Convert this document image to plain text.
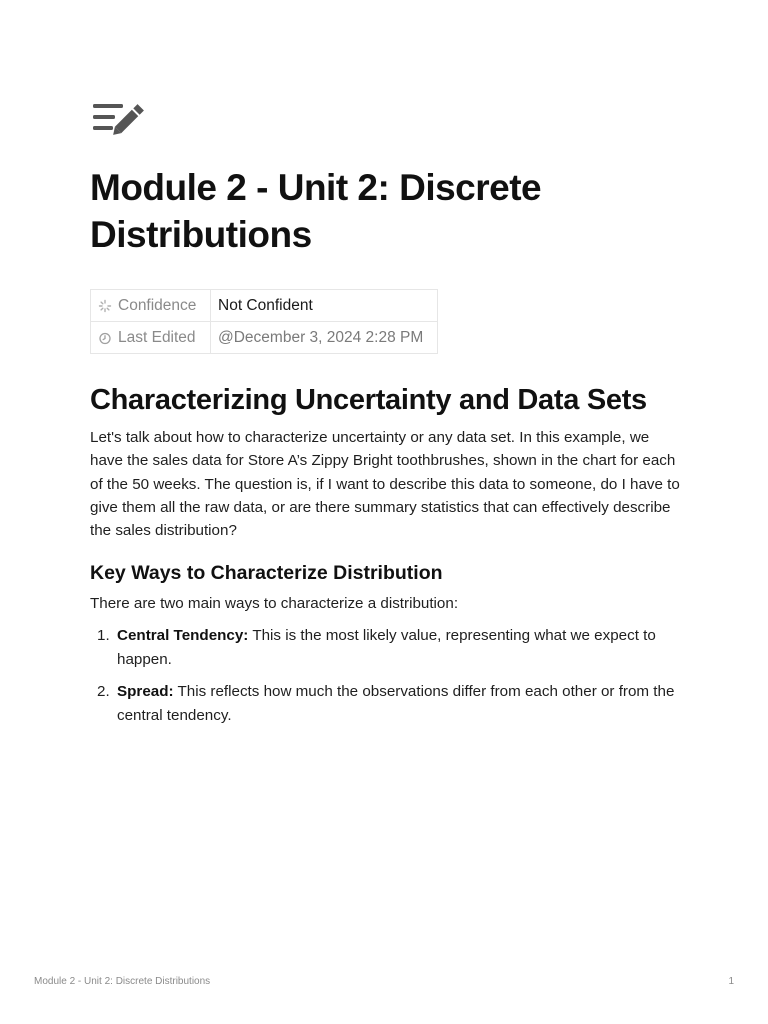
Module 2 - Unit 2: Discrete Distributions
Confidence	Not Confident
Last Edited	@December 3, 2024 2:28 PM
Characterizing Uncertainty and Data Sets

Let's talk about how to characterize uncertainty or any data set. In this example, we have the sales data for Store A’s Zippy Bright toothbrushes, shown in the chart for each of the 50 weeks. The question is, if I want to describe this data to someone, do I have to give them all the raw data, or are there summary statistics that can effectively describe the sales distribution?

Key Ways to Characterize Distribution

There are two main ways to characterize a distribution:

1. Central Tendency: This is the most likely value, representing what we expect to happen.
2. Spread: This reflects how much the observations differ from each other or from the central tendency.
Module 2 - Unit 2: Discrete Distributions	1
